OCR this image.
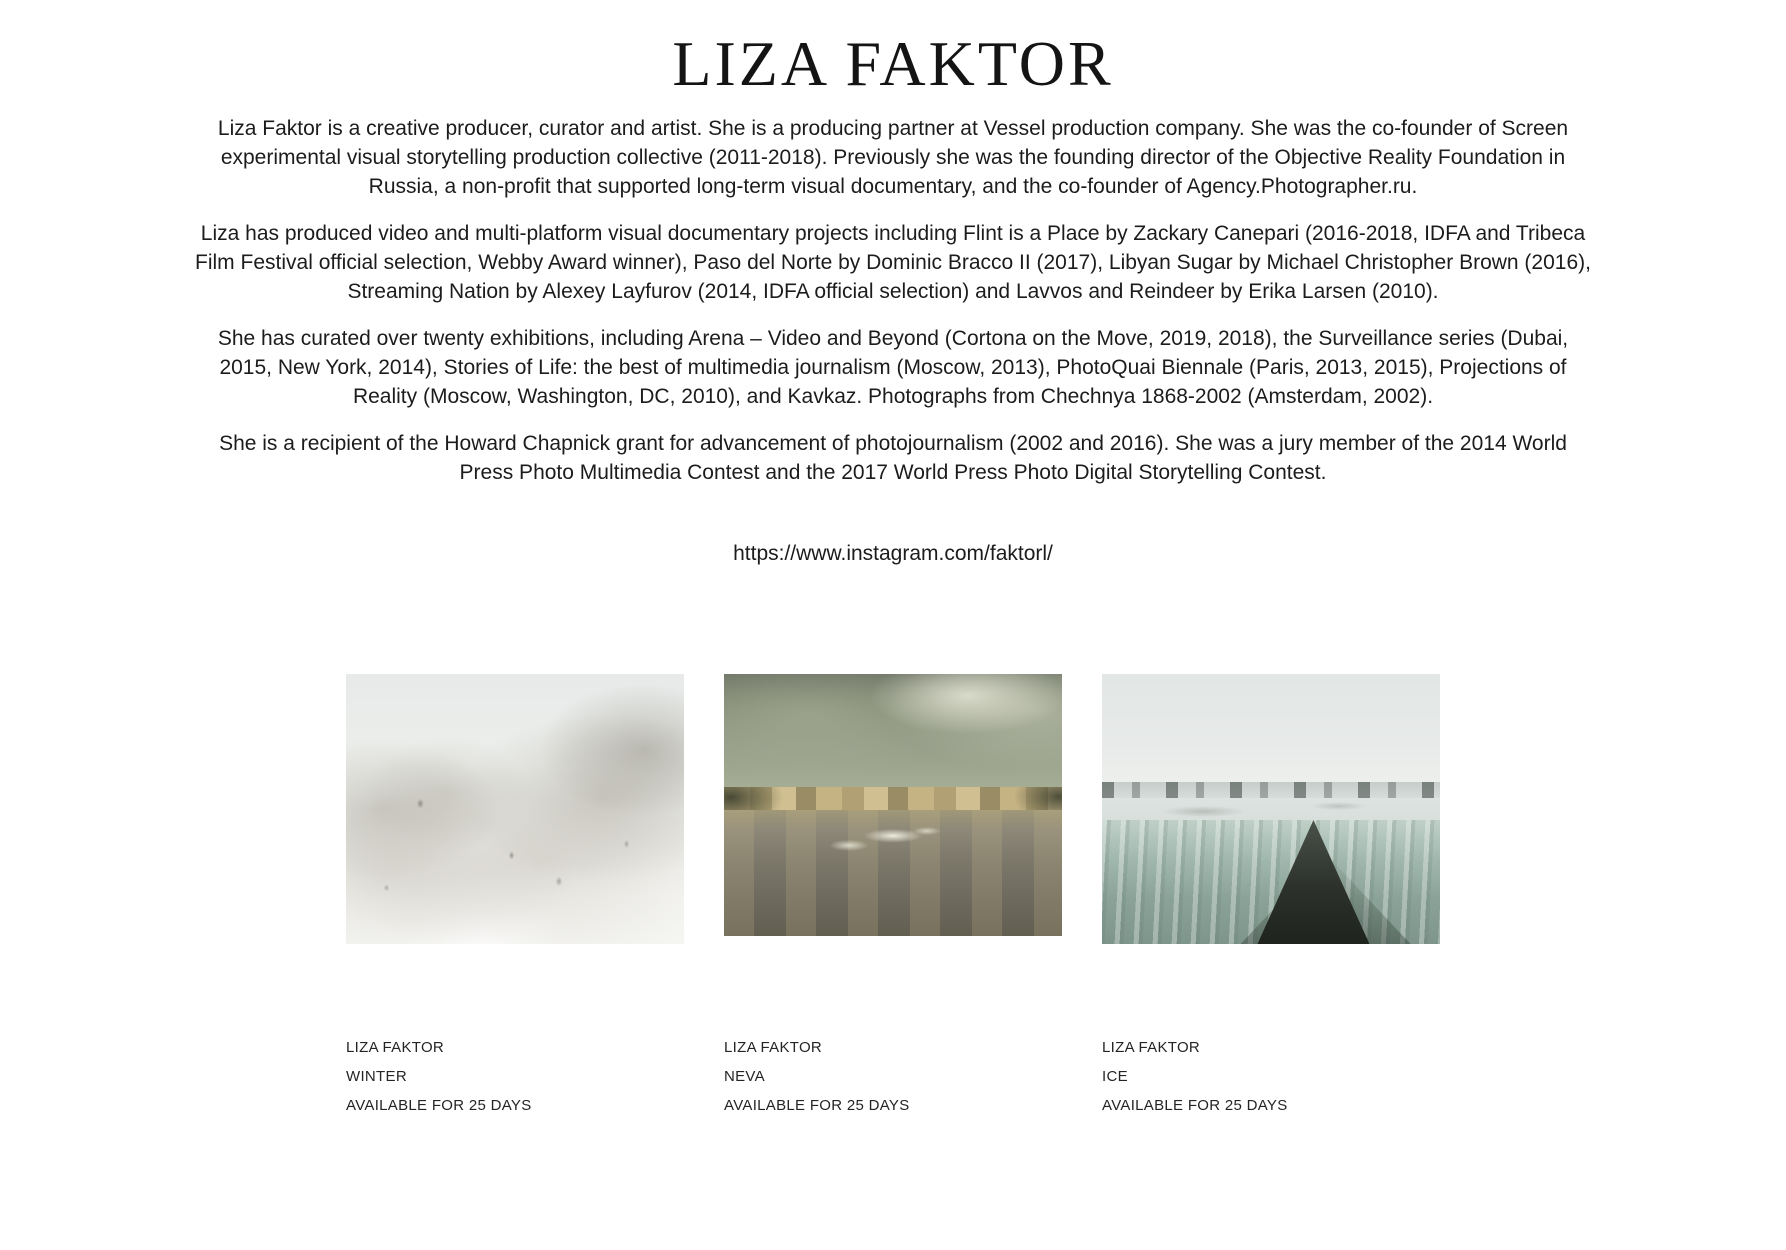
LIZA FAKTOR

Liza Faktor is a creative producer, curator and artist. She is a producing partner at Vessel production company. She was the co-founder of Screen experimental visual storytelling production collective (2011-2018). Previously she was the founding director of the Objective Reality Foundation in Russia, a non-profit that supported long-term visual documentary, and the co-founder of Agency.Photographer.ru.

Liza has produced video and multi-platform visual documentary projects including Flint is a Place by Zackary Canepari (2016-2018, IDFA and Tribeca Film Festival official selection, Webby Award winner), Paso del Norte by Dominic Bracco II (2017), Libyan Sugar by Michael Christopher Brown (2016), Streaming Nation by Alexey Layfurov (2014, IDFA official selection) and Lavvos and Reindeer by Erika Larsen (2010).

She has curated over twenty exhibitions, including Arena – Video and Beyond (Cortona on the Move, 2019, 2018), the Surveillance series (Dubai, 2015, New York, 2014), Stories of Life: the best of multimedia journalism (Moscow, 2013), PhotoQuai Biennale (Paris, 2013, 2015), Projections of Reality (Moscow, Washington, DC, 2010), and Kavkaz. Photographs from Chechnya 1868-2002 (Amsterdam, 2002).

She is a recipient of the Howard Chapnick grant for advancement of photojournalism (2002 and 2016). She was a jury member of the 2014 World Press Photo Multimedia Contest and the 2017 World Press Photo Digital Storytelling Contest.

https://www.instagram.com/faktorl/
LIZA FAKTOR
WINTER
AVAILABLE FOR 25 DAYS
LIZA FAKTOR
NEVA
AVAILABLE FOR 25 DAYS
LIZA FAKTOR
ICE
AVAILABLE FOR 25 DAYS
